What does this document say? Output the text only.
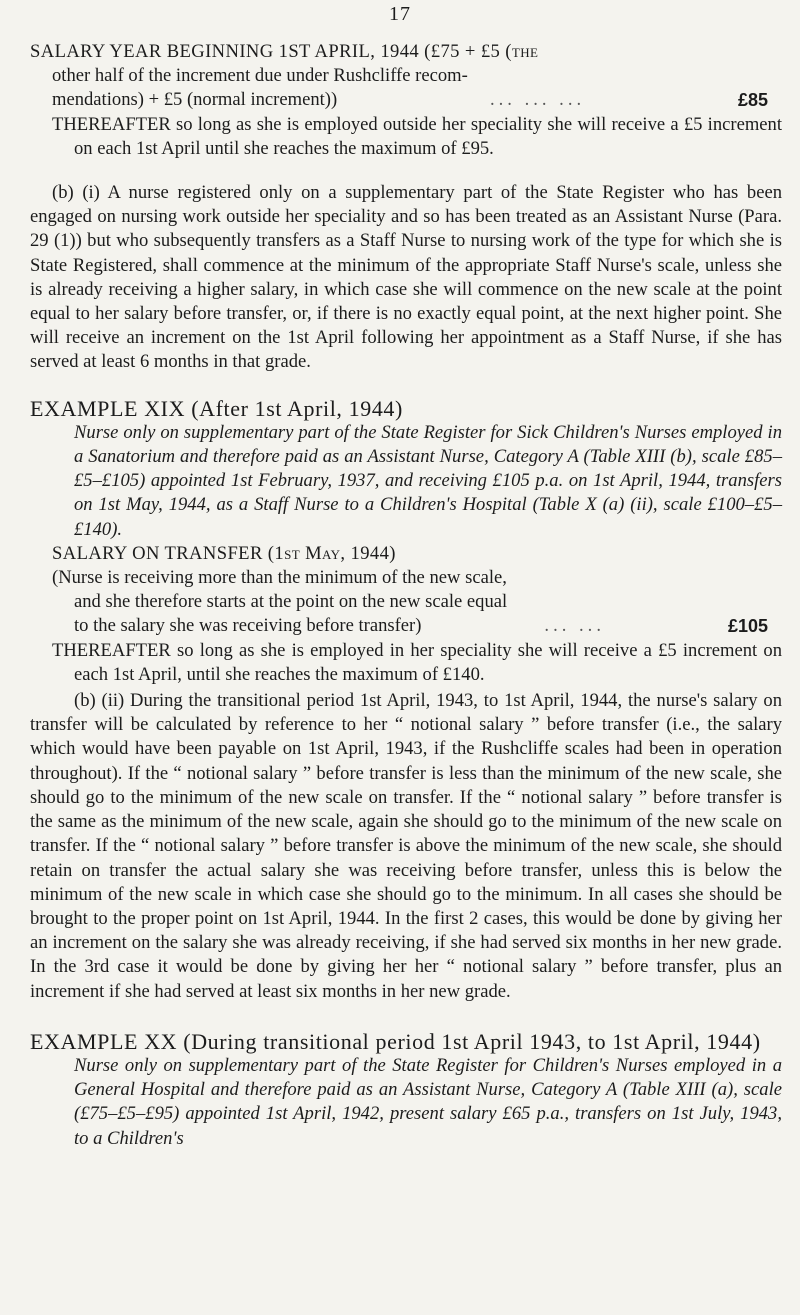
17

SALARY YEAR BEGINNING 1ST APRIL, 1944 (£75 + £5 (the

other half of the increment due under Rushcliffe recom-

mendations) + £5 (normal increment))	... ... ...	£85

THEREAFTER so long as she is employed outside her speciality she will receive a £5 increment on each 1st April until she reaches the maximum of £95.

(b) (i) A nurse registered only on a supplementary part of the State Register who has been engaged on nursing work outside her speciality and so has been treated as an Assistant Nurse (Para. 29 (1)) but who subsequently transfers as a Staff Nurse to nursing work of the type for which she is State Registered, shall commence at the minimum of the appropriate Staff Nurse's scale, unless she is already receiving a higher salary, in which case she will commence on the new scale at the point equal to her salary before transfer, or, if there is no exactly equal point, at the next higher point. She will receive an increment on the 1st April following her appointment as a Staff Nurse, if she has served at least 6 months in that grade.

EXAMPLE XIX (After 1st April, 1944)

Nurse only on supplementary part of the State Register for Sick Children's Nurses employed in a Sanatorium and therefore paid as an Assistant Nurse, Category A (Table XIII (b), scale £85–£5–£105) appointed 1st February, 1937, and receiving £105 p.a. on 1st April, 1944, transfers on 1st May, 1944, as a Staff Nurse to a Children's Hospital (Table X (a) (ii), scale £100–£5–£140).

SALARY ON TRANSFER (1st May, 1944)

(Nurse is receiving more than the minimum of the new scale,

and she therefore starts at the point on the new scale equal

to the salary she was receiving before transfer)	... ...	£105

THEREAFTER so long as she is employed in her speciality she will receive a £5 increment on each 1st April, until she reaches the maximum of £140.

(b) (ii) During the transitional period 1st April, 1943, to 1st April, 1944, the nurse's salary on transfer will be calculated by reference to her “ notional salary ” before transfer (i.e., the salary which would have been payable on 1st April, 1943, if the Rushcliffe scales had been in operation throughout). If the “ notional salary ” before transfer is less than the minimum of the new scale, she should go to the minimum of the new scale on transfer. If the “ notional salary ” before transfer is the same as the minimum of the new scale, again she should go to the minimum of the new scale on transfer. If the “ notional salary ” before transfer is above the minimum of the new scale, she should retain on transfer the actual salary she was receiving before transfer, unless this is below the minimum of the new scale in which case she should go to the minimum. In all cases she should be brought to the proper point on 1st April, 1944. In the first 2 cases, this would be done by giving her an increment on the salary she was already receiving, if she had served six months in her new grade. In the 3rd case it would be done by giving her her “ notional salary ” before transfer, plus an increment if she had served at least six months in her new grade.

EXAMPLE XX (During transitional period 1st April 1943, to 1st April, 1944)

Nurse only on supplementary part of the State Register for Children's Nurses employed in a General Hospital and therefore paid as an Assistant Nurse, Category A (Table XIII (a), scale (£75–£5–£95) appointed 1st April, 1942, present salary £65 p.a., transfers on 1st July, 1943, to a Children's
